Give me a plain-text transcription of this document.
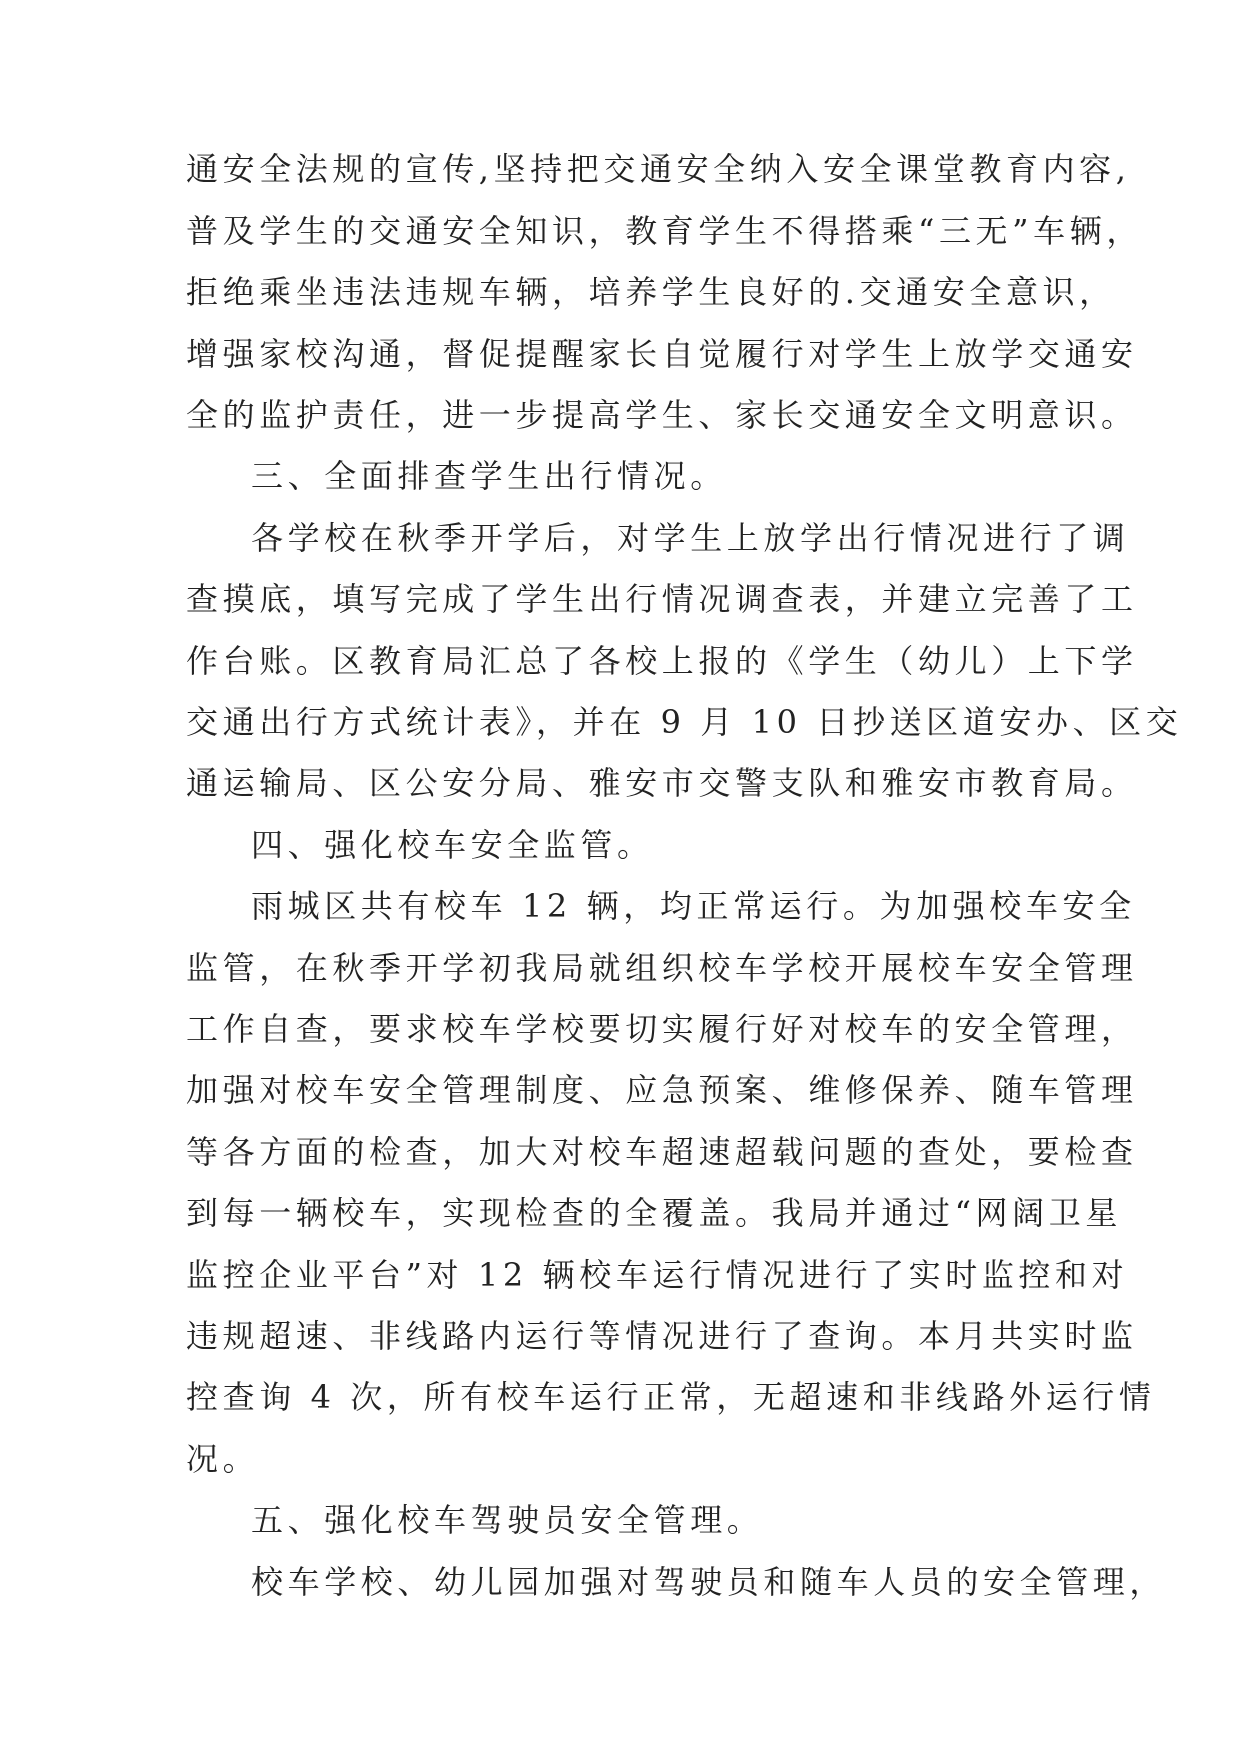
通安全法规的宣传,坚持把交通安全纳入安全课堂教育内容,
普及学生的交通安全知识，教育学生不得搭乘“三无”车辆，
拒绝乘坐违法违规车辆，培养学生良好的.交通安全意识，
增强家校沟通，督促提醒家长自觉履行对学生上放学交通安
全的监护责任，进一步提高学生、家长交通安全文明意识。
三、全面排查学生出行情况。
各学校在秋季开学后，对学生上放学出行情况进行了调
查摸底，填写完成了学生出行情况调查表，并建立完善了工
作台账。区教育局汇总了各校上报的《学生（幼儿）上下学
交通出行方式统计表》，并在 9 月 10 日抄送区道安办、区交
通运输局、区公安分局、雅安市交警支队和雅安市教育局。
四、强化校车安全监管。
雨城区共有校车 12 辆，均正常运行。为加强校车安全
监管，在秋季开学初我局就组织校车学校开展校车安全管理
工作自查，要求校车学校要切实履行好对校车的安全管理，
加强对校车安全管理制度、应急预案、维修保养、随车管理
等各方面的检查，加大对校车超速超载问题的查处，要检查
到每一辆校车，实现检查的全覆盖。我局并通过“网阔卫星
监控企业平台”对 12 辆校车运行情况进行了实时监控和对
违规超速、非线路内运行等情况进行了查询。本月共实时监
控查询 4 次，所有校车运行正常，无超速和非线路外运行情
况。
五、强化校车驾驶员安全管理。
校车学校、幼儿园加强对驾驶员和随车人员的安全管理，
